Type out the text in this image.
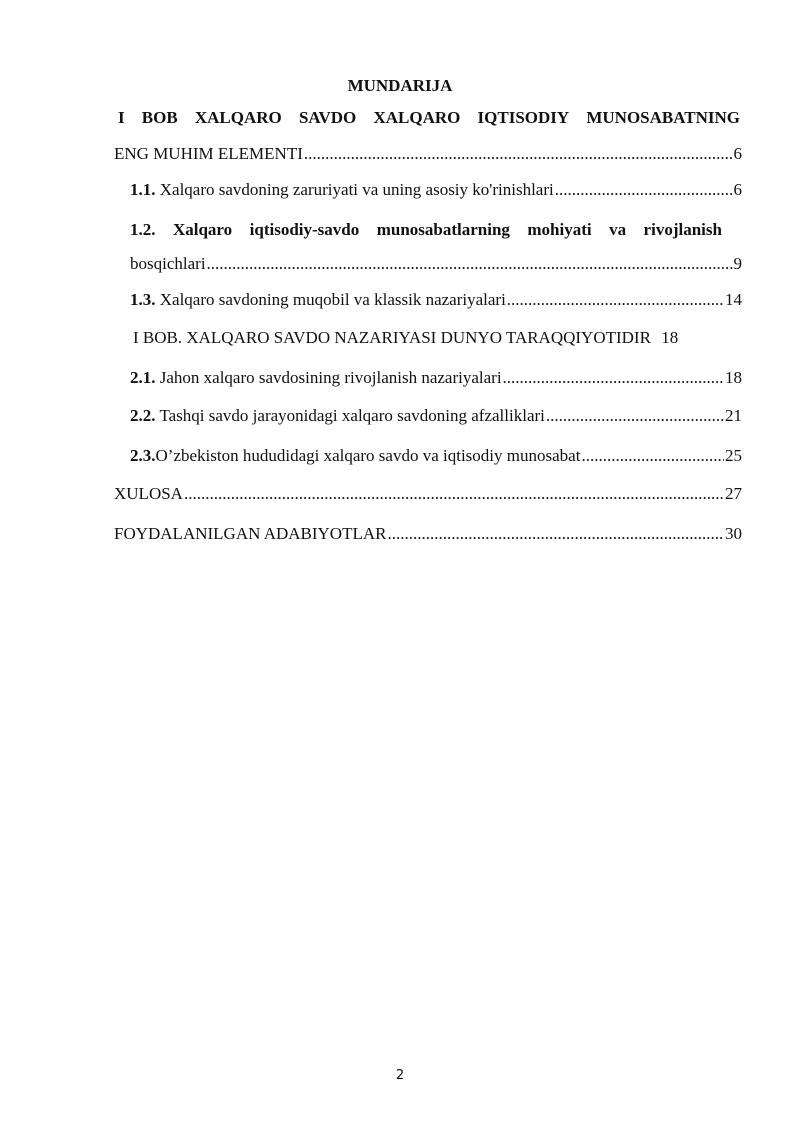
MUNDARIJA
I BOB XALQARO SAVDO XALQARO IQTISODIY MUNOSABATNING
ENG MUHIM ELEMENTI .....	6
1.1. Xalqaro savdoning zaruriyati va uning asosiy ko'rinishlari .....	6
1.2. Xalqaro iqtisodiy-savdo munosabatlarning mohiyati va rivojlanish
bosqichlari .....	9
1.3. Xalqaro savdoning muqobil va klassik nazariyalari .....	14
I BOB. XALQARO SAVDO NAZARIYASI DUNYO TARAQQIYOTIDIR 18
2.1. Jahon xalqaro savdosining rivojlanish nazariyalari .....	18
2.2. Tashqi savdo jarayonidagi xalqaro savdoning afzalliklari .....	21
2.3.O’zbekiston hududidagi xalqaro savdo va iqtisodiy munosabat .....	25
XULOSA .....	27
FOYDALANILGAN ADABIYOTLAR .....	30
2
